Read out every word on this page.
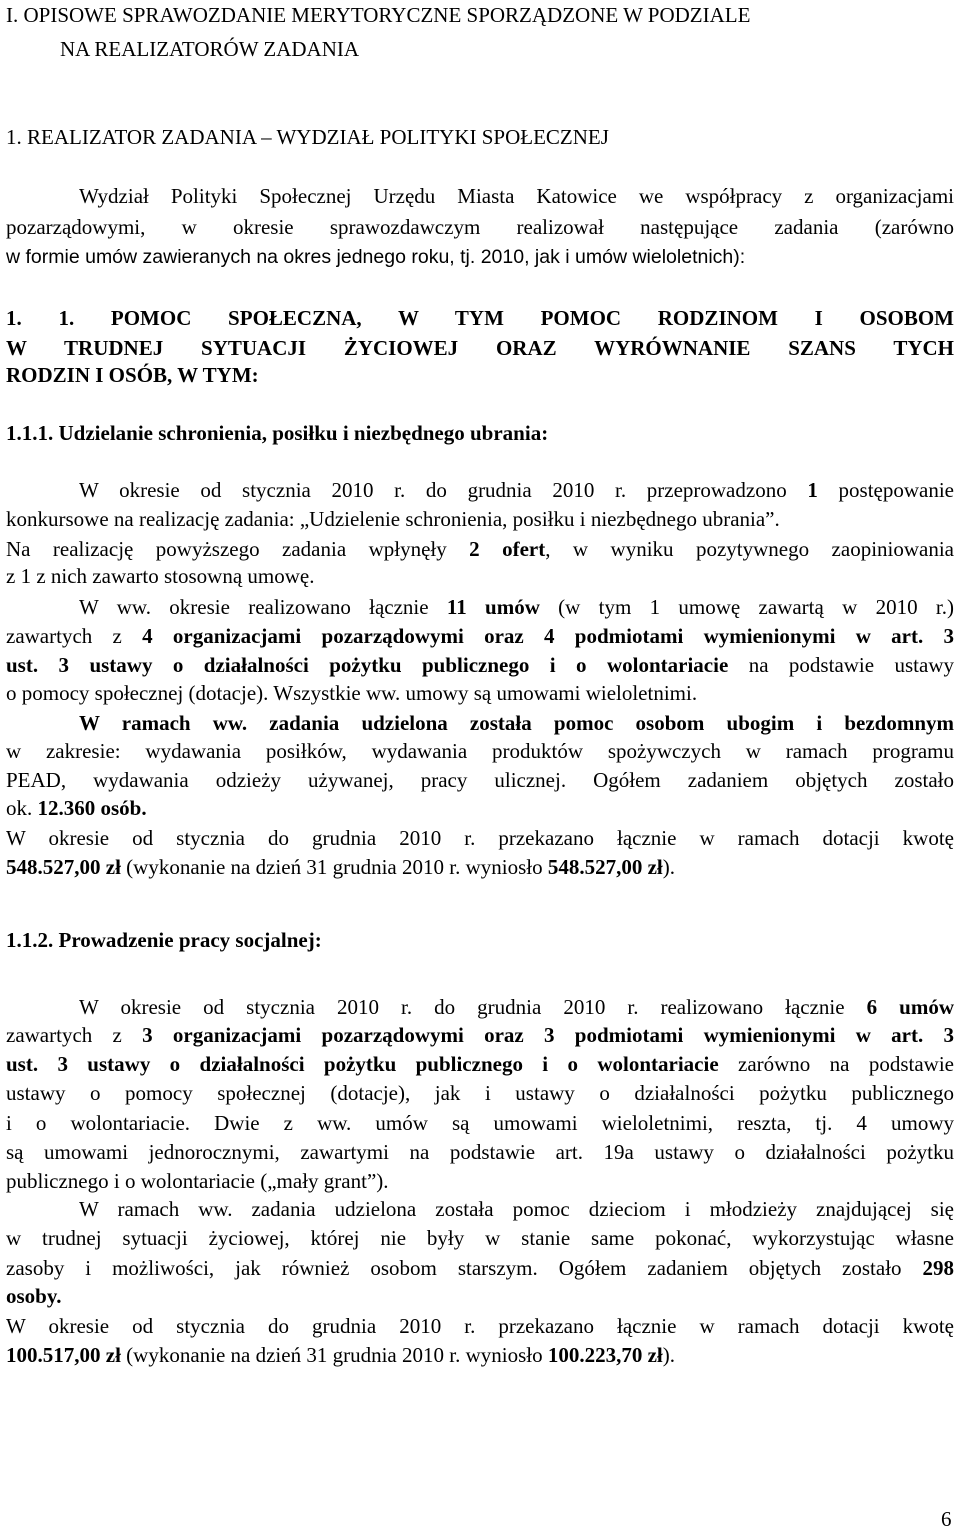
I. OPISOWE SPRAWOZDANIE MERYTORYCZNE SPORZĄDZONE W PODZIALE
NA REALIZATORÓW ZADANIA
1. REALIZATOR ZADANIA – WYDZIAŁ POLITYKI SPOŁECZNEJ
Wydział Polityki Społecznej Urzędu Miasta Katowice we współpracy z organizacjami
pozarządowymi, w okresie sprawozdawczym realizował następujące zadania (zarówno
w formie umów zawieranych na okres jednego roku, tj. 2010, jak i umów wieloletnich):
1. 1. POMOC SPOŁECZNA, W TYM POMOC RODZINOM I OSOBOM
W TRUDNEJ SYTUACJI ŻYCIOWEJ ORAZ WYRÓWNANIE SZANS TYCH
RODZIN I OSÓB, W TYM:
1.1.1. Udzielanie schronienia, posiłku i niezbędnego ubrania:
W okresie od stycznia 2010 r. do grudnia 2010 r. przeprowadzono 1 postępowanie
konkursowe na realizację zadania: „Udzielenie schronienia, posiłku i niezbędnego ubrania”.
Na realizację powyższego zadania wpłynęły 2 ofert, w wyniku pozytywnego zaopiniowania
z 1 z nich zawarto stosowną umowę.
W ww. okresie realizowano łącznie 11 umów (w tym 1 umowę zawartą w 2010 r.)
zawartych z 4 organizacjami pozarządowymi oraz 4 podmiotami wymienionymi w art. 3
ust. 3 ustawy o działalności pożytku publicznego i o wolontariacie na podstawie ustawy
o pomocy społecznej (dotacje). Wszystkie ww. umowy są umowami wieloletnimi.
W ramach ww. zadania udzielona została pomoc osobom ubogim i bezdomnym
w zakresie: wydawania posiłków, wydawania produktów spożywczych w ramach programu
PEAD, wydawania odzieży używanej, pracy ulicznej. Ogółem zadaniem objętych zostało
ok. 12.360 osób.
W okresie od stycznia do grudnia 2010 r. przekazano łącznie w ramach dotacji kwotę
548.527,00 zł (wykonanie na dzień 31 grudnia 2010 r. wyniosło 548.527,00 zł).
1.1.2. Prowadzenie pracy socjalnej:
W okresie od stycznia 2010 r. do grudnia 2010 r. realizowano łącznie 6 umów
zawartych z 3 organizacjami pozarządowymi oraz 3 podmiotami wymienionymi w art. 3
ust. 3 ustawy o działalności pożytku publicznego i o wolontariacie zarówno na podstawie
ustawy o pomocy społecznej (dotacje), jak i ustawy o działalności pożytku publicznego
i o wolontariacie. Dwie z ww. umów są umowami wieloletnimi, reszta, tj. 4 umowy
są umowami jednorocznymi, zawartymi na podstawie art. 19a ustawy o działalności pożytku
publicznego i o wolontariacie („mały grant”).
W ramach ww. zadania udzielona została pomoc dzieciom i młodzieży znajdującej się
w trudnej sytuacji życiowej, której nie były w stanie same pokonać, wykorzystując własne
zasoby i możliwości, jak również osobom starszym. Ogółem zadaniem objętych zostało 298
osoby.
W okresie od stycznia do grudnia 2010 r. przekazano łącznie w ramach dotacji kwotę
100.517,00 zł (wykonanie na dzień 31 grudnia 2010 r. wyniosło 100.223,70 zł).
6
